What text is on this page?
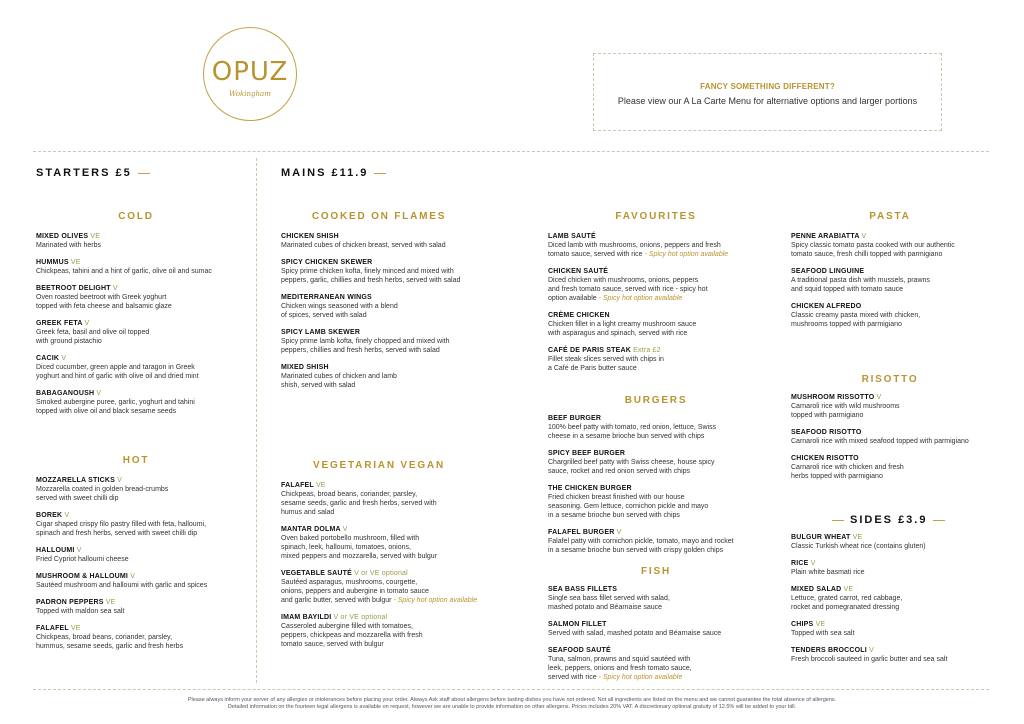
OPUZ
Wokingham
FANCY SOMETHING DIFFERENT?
Please view our A La Carte Menu for alternative options and larger portions
STARTERS £5	MAINS £11.9
SIDES £3.9
COLD
HOT
COOKED ON FLAMES
VEGETARIAN VEGAN
FAVOURITES
BURGERS
FISH
PASTA
RISOTTO
MIXED OLIVES VE
Marinated with herbs
HUMMUS VE
Chickpeas, tahini and a hint of garlic, olive oil and sumac
BEETROOT DELIGHT V
Oven roasted beetroot with Greek yoghurt
topped with feta cheese and balsamic glaze
GREEK FETA V
Greek feta, basil and olive oil topped
with ground pistachio
CACIK V
Diced cucumber, green apple and taragon in Greek
yoghurt and hint of garlic with olive oil and dried mint
BABAGANOUSH V
Smoked aubergine puree, garlic, yoghurt and tahini
topped with olive oil and black sesame seeds
MOZZARELLA STICKS V
Mozzarella coated in golden bread-crumbs
served with sweet chilli dip
BOREK V
Cigar shaped crispy filo pastry filled with feta, halloumi,
spinach and fresh herbs, served with sweet chilli dip
HALLOUMI V
Fried Cypriot halloumi cheese
MUSHROOM & HALLOUMI V
Sautéed mushroom and halloumi with garlic and spices
PADRON PEPPERS VE
Topped with maldon sea salt
FALAFEL VE
Chickpeas, broad beans, coriander, parsley,
hummus, sesame seeds, garlic and fresh herbs
CHICKEN SHISH
Marinated cubes of chicken breast, served with salad
SPICY CHICKEN SKEWER
Spicy prime chicken kofta, finely minced and mixed with
peppers, garlic, chillies and fresh herbs, served with salad
MEDITERRANEAN WINGS
Chicken wings seasoned with a blend
of spices, served with salad
SPICY LAMB SKEWER
Spicy prime lamb kofta, finely chopped and mixed with
peppers, chillies and fresh herbs, served with salad
MIXED SHISH
Marinated cubes of chicken and lamb
shish, served with salad
FALAFEL VE
Chickpeas, broad beans, coriander, parsley,
sesame seeds, garlic and fresh herbs, served with
humus and salad
MANTAR DOLMA V
Oven baked portobello mushroom, filled with
spinach, leek, halloumi, tomatoes, onions,
mixed peppers and mozzarella, served with bulgur
VEGETABLE SAUTÉ V or VE optional
Sautéed asparagus, mushrooms, courgette,
onions, peppers and aubergine in tomato sauce
and garlic butter, served with bulgur - Spicy hot option available
IMAM BAYILDI V or VE optional
Casseroled aubergine filled with tomatoes,
peppers, chickpeas and mozzarella with fresh
tomato sauce, served with bulgur
LAMB SAUTÉ
Diced lamb with mushrooms, onions, peppers and fresh
tomato sauce, served with rice - Spicy hot option available
CHICKEN SAUTÉ
Diced chicken with mushrooms, onions, peppers
and fresh tomato sauce, served with rice - spicy hot
option available - Spicy hot option available
CRÈME CHICKEN
Chicken fillet in a light creamy mushroom sauce
with asparagus and spinach, served with rice
CAFÉ DE PARIS STEAK Extra £2
Fillet steak slices served with chips in
a Café de Paris butter sauce
BEEF BURGER
100% beef patty with tomato, red onion, lettuce, Swiss
cheese in a sesame brioche bun served with chips
SPICY BEEF BURGER
Chargrilled beef patty with Swiss cheese, house spicy
sauce, rocket and red onion served with chips
THE CHICKEN BURGER
Fried chicken breast finished with our house
seasoning. Gem lettuce, cornichon pickle and mayo
in a sesame brioche bun served with chips
FALAFEL BURGER V
Falafel patty with cornichon pickle, tomato, mayo and rocket
in a sesame brioche bun served with crispy golden chips
SEA BASS FILLETS
Single sea bass fillet served with salad,
mashed potato and Béarnaise sauce
SALMON FILLET
Served with salad, mashed potato and Béarnaise sauce
SEAFOOD SAUTÉ
Tuna, salmon, prawns and squid sautéed with
leek, peppers, onions and fresh tomato sauce,
served with rice - Spicy hot option available
PENNE ARABIATTA V
Spicy classic tomato pasta cooked with our authentic
tomato sauce, fresh chilli topped with parmigiano
SEAFOOD LINGUINE
A traditional pasta dish with mussels, prawns
and squid topped with tomato sauce
CHICKEN ALFREDO
Classic creamy pasta mixed with chicken,
mushrooms topped with parmigiano
MUSHROOM RISSOTTO V
Carnaroli rice with wild mushrooms
topped with parmigiano
SEAFOOD RISOTTO
Carnaroli rice with mixed seafood topped with parmigiano
CHICKEN RISOTTO
Carnaroli rice with chicken and fresh
herbs topped with parmigiano
BULGUR WHEAT VE
Classic Turkish wheat rice (contains gluten)
RICE V
Plain white basmati rice
MIXED SALAD VE
Lettuce, grated carrot, red cabbage,
rocket and pomegranated dressing
CHIPS VE
Topped with sea salt
TENDERS BROCCOLI V
Fresh broccoli sauteed in garlic butter and sea salt
Please always inform your server of any allergies or intolerances before placing your order. Always Ask staff about allergens before tasting dishes you have not ordered. Not all ingredients are listed on the menu and we cannot guarantee the total absence of allergens.
Detailed information on the fourteen legal allergens is available on request, however we are unable to provide information on other allergens. Prices includes 20% VAT. A discretionary optional gratuity of 12.5% will be added to your bill.
